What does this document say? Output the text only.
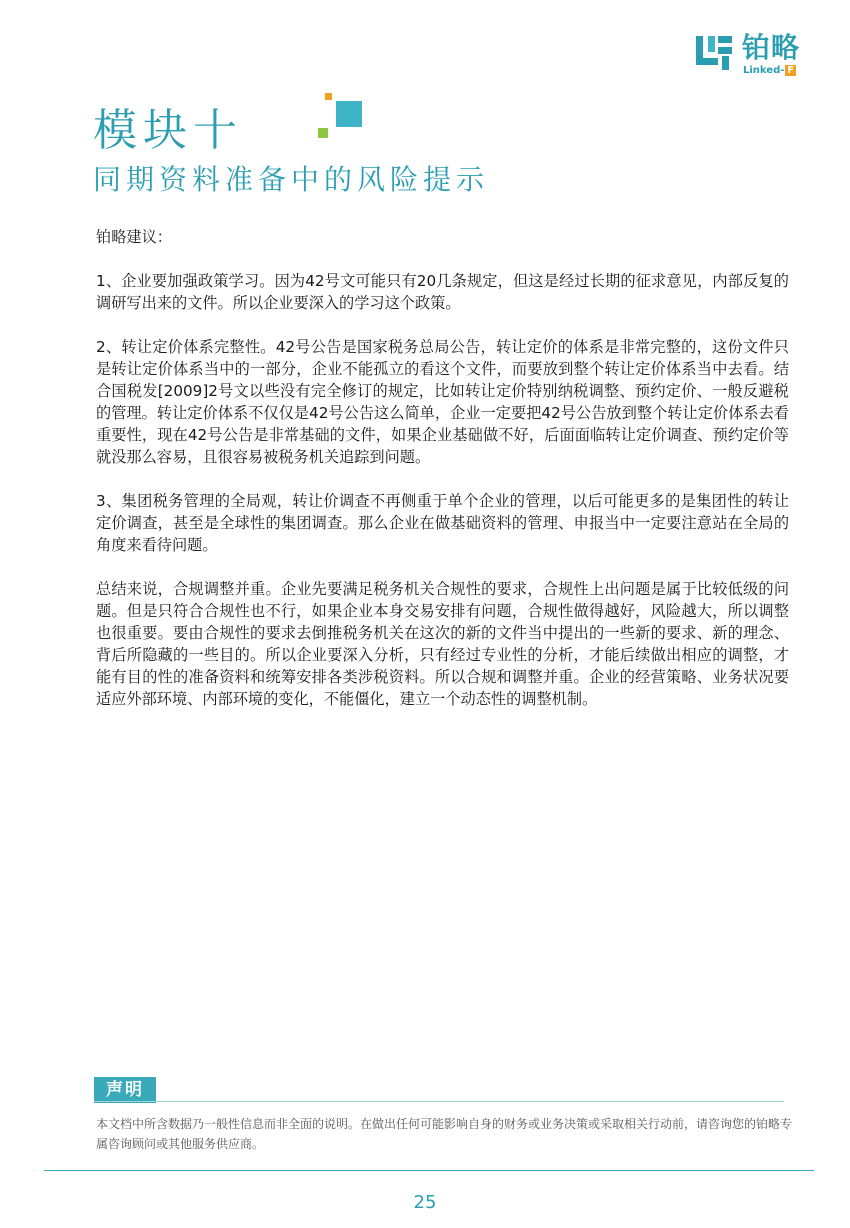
铂略
Linked- F
模块十
同期资料准备中的风险提示

铂略建议：

1、企业要加强政策学习。因为42号文可能只有20几条规定，但这是经过长期的征求意见，内部反复的调研写出来的文件。所以企业要深入的学习这个政策。

2、转让定价体系完整性。42号公告是国家税务总局公告，转让定价的体系是非常完整的，这份文件只是转让定价体系当中的一部分，企业不能孤立的看这个文件，而要放到整个转让定价体系当中去看。结合国税发[2009]2号文以些没有完全修订的规定，比如转让定价特别纳税调整、预约定价、一般反避税的管理。转让定价体系不仅仅是42号公告这么简单，企业一定要把42号公告放到整个转让定价体系去看重要性，现在42号公告是非常基础的文件，如果企业基础做不好，后面面临转让定价调查、预约定价等就没那么容易，且很容易被税务机关追踪到问题。

3、集团税务管理的全局观，转让价调查不再侧重于单个企业的管理，以后可能更多的是集团性的转让定价调查，甚至是全球性的集团调查。那么企业在做基础资料的管理、申报当中一定要注意站在全局的角度来看待问题。

总结来说，合规调整并重。企业先要满足税务机关合规性的要求，合规性上出问题是属于比较低级的问题。但是只符合合规性也不行，如果企业本身交易安排有问题，合规性做得越好，风险越大，所以调整也很重要。要由合规性的要求去倒推税务机关在这次的新的文件当中提出的一些新的要求、新的理念、背后所隐藏的一些目的。所以企业要深入分析，只有经过专业性的分析，才能后续做出相应的调整，才能有目的性的准备资料和统筹安排各类涉税资料。所以合规和调整并重。企业的经营策略、业务状况要适应外部环境、内部环境的变化，不能僵化，建立一个动态性的调整机制。

声明
本文档中所含数据乃一般性信息而非全面的说明。在做出任何可能影响自身的财务或业务决策或采取相关行动前，请咨询您的铂略专属咨询顾问或其他服务供应商。
25
